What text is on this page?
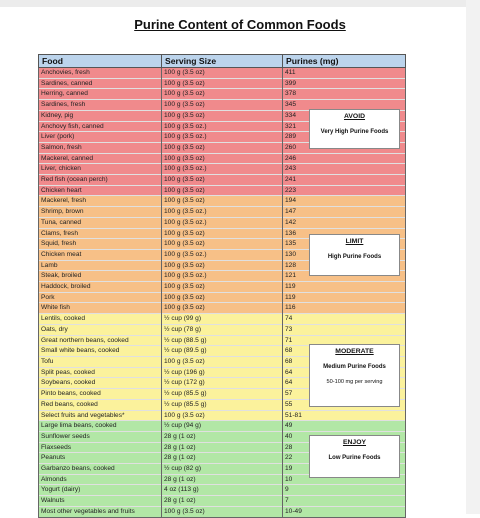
Purine Content of Common Foods
Food	Serving Size	Purines (mg)
Anchovies, fresh	100 g (3.5 oz)	411
Sardines, canned	100 g (3.5 oz)	399
Herring, canned	100 g (3.5 oz)	378
Sardines, fresh	100 g (3.5 oz)	345
Kidney, pig	100 g (3.5 oz)	334
Anchovy fish, canned	100 g (3.5 oz.)	321
Liver (pork)	100 g (3.5 oz.)	289
Salmon, fresh	100 g (3.5 oz)	260
Mackerel, canned	100 g (3.5 oz)	246
Liver, chicken	100 g (3.5 oz.)	243
Red fish (ocean perch)	100 g (3.5 oz)	241
Chicken heart	100 g (3.5 oz)	223
Mackerel, fresh	100 g (3.5 oz)	194
Shrimp, brown	100 g (3.5 oz.)	147
Tuna, canned	100 g (3.5 oz.)	142
Clams, fresh	100 g (3.5 oz)	136
Squid, fresh	100 g (3.5 oz)	135
Chicken meat	100 g (3.5 oz.)	130
Lamb	100 g (3.5 oz)	128
Steak, broiled	100 g (3.5 oz.)	121
Haddock, broiled	100 g (3.5 oz)	119
Pork	100 g (3.5 oz)	119
White fish	100 g (3.5 oz)	116
Lentils, cooked	½ cup (99 g)	74
Oats, dry	½ cup (78 g)	73
Great northern beans, cooked	½ cup (88.5 g)	71
Small white beans, cooked	½ cup (89.5 g)	68
Tofu	100 g (3.5 oz)	68
Split peas, cooked	½ cup (196 g)	64
Soybeans, cooked	½ cup (172 g)	64
Pinto beans, cooked	½ cup (85.5 g)	57
Red beans, cooked	½ cup (85.5 g)	55
Select fruits and vegetables*	100 g (3.5 oz)	51-81
Large lima beans, cooked	½ cup (94 g)	49
Sunflower seeds	28 g (1 oz)	40
Flaxseeds	28 g (1 oz)	28
Peanuts	28 g (1 oz)	22
Garbanzo beans, cooked	½ cup (82 g)	19
Almonds	28 g (1 oz)	10
Yogurt (dairy)	4 oz (113 g)	9
Walnuts	28 g (1 oz)	7
Most other vegetables and fruits	100 g (3.5 oz)	10-49
AVOID
Very High Purine Foods
LIMIT
High Purine Foods
MODERATE
Medium Purine Foods
50-100 mg per serving
ENJOY
Low Purine Foods
